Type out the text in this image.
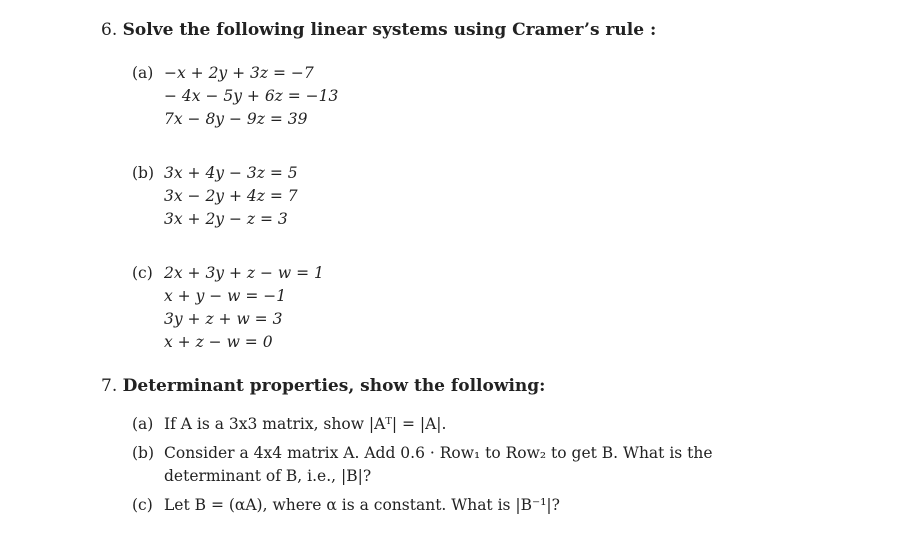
6. Solve the following linear systems using Cramer’s rule :
(a) −x + 2y + 3z = −7
− 4x − 5y + 6z = −13
7x − 8y − 9z = 39
(b) 3x + 4y − 3z = 5
3x − 2y + 4z = 7
3x + 2y − z = 3
(c) 2x + 3y + z − w = 1
x + y − w = −1
3y + z + w = 3
x + z − w = 0
7. Determinant properties, show the following:
(a) If A is a 3x3 matrix, show |Aᵀ| = |A|.
(b) Consider a 4x4 matrix A. Add 0.6 · Row₁ to Row₂ to get B. What is the
determinant of B, i.e., |B|?
(c) Let B = (αA), where α is a constant. What is |B⁻¹|?
